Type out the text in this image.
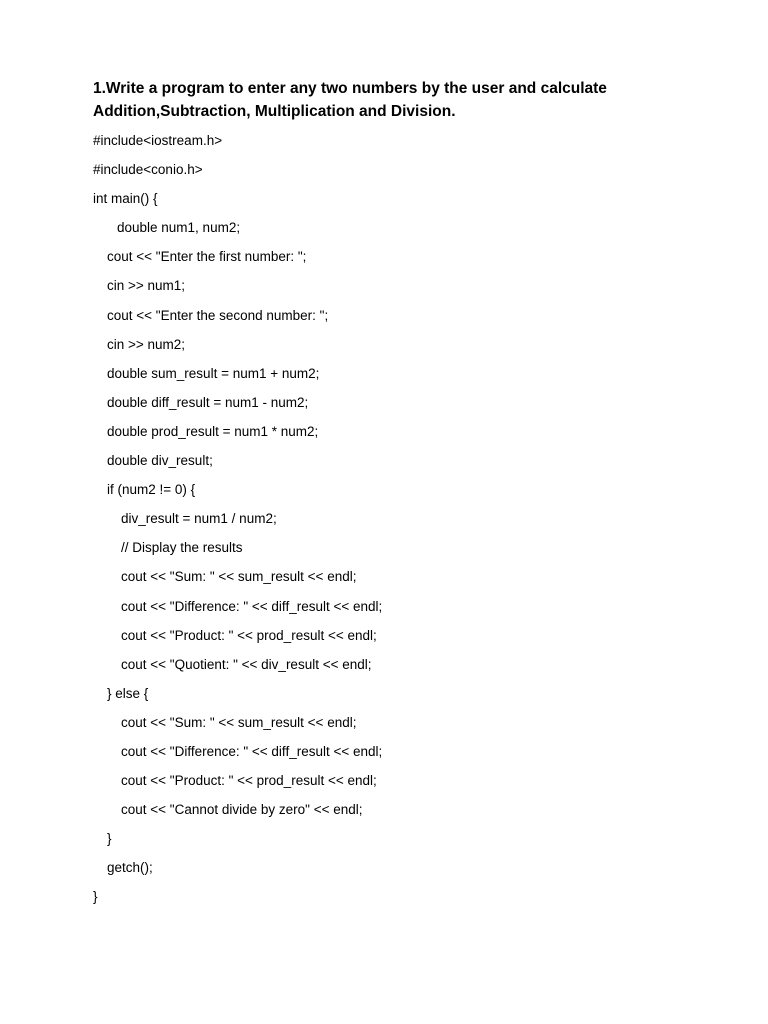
1.Write a program to enter any two numbers by the user and calculate
Addition,Subtraction, Multiplication and Division.
#include<iostream.h>
#include<conio.h>
int main() {
double num1, num2;
cout << "Enter the first number: ";
cin >> num1;
cout << "Enter the second number: ";
cin >> num2;
double sum_result = num1 + num2;
double diff_result = num1 - num2;
double prod_result = num1 * num2;
double div_result;
if (num2 != 0) {
div_result = num1 / num2;
// Display the results
cout << "Sum: " << sum_result << endl;
cout << "Difference: " << diff_result << endl;
cout << "Product: " << prod_result << endl;
cout << "Quotient: " << div_result << endl;
} else {
cout << "Sum: " << sum_result << endl;
cout << "Difference: " << diff_result << endl;
cout << "Product: " << prod_result << endl;
cout << "Cannot divide by zero" << endl;
}
getch();
}
